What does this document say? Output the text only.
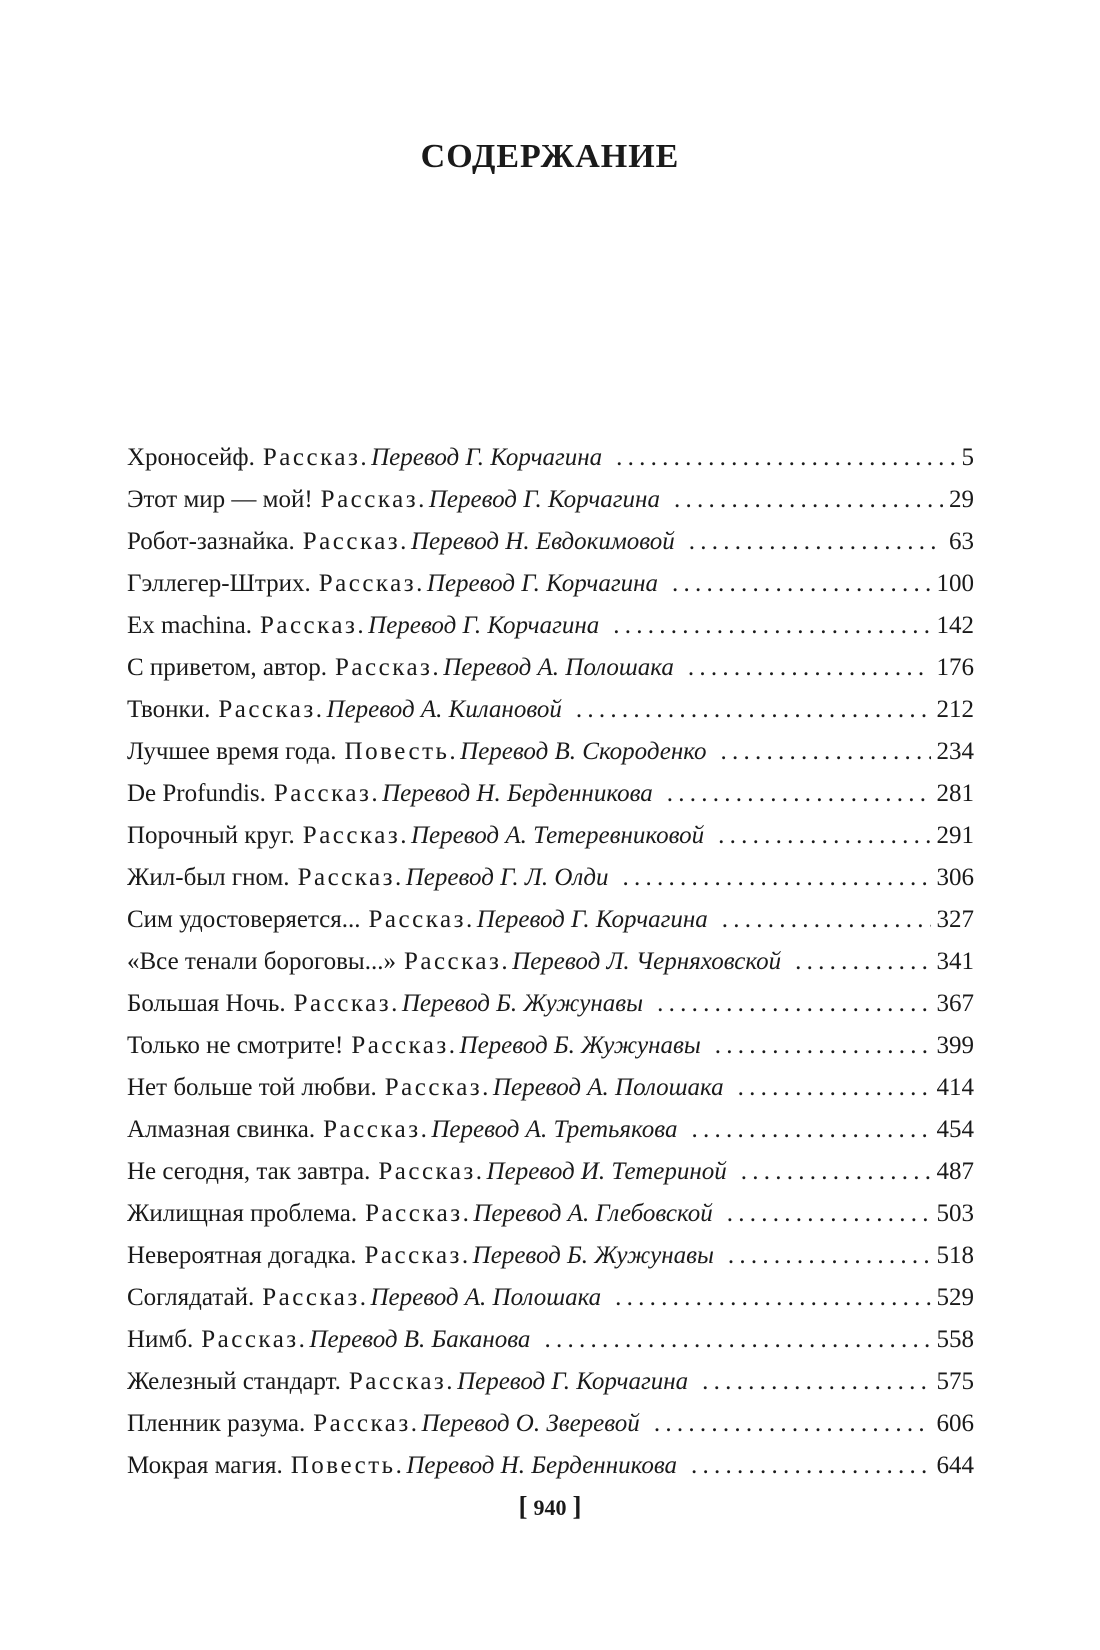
СОДЕРЖАНИЕ
Хроносейф. Рассказ. Перевод Г. Корчагина . . .	5
Этот мир — мой! Рассказ. Перевод Г. Корчагина . . .	29
Робот-зазнайка. Рассказ. Перевод Н. Евдокимовой . . .	63
Гэллегер-Штрих. Рассказ. Перевод Г. Корчагина . . .	100
Ex machina. Рассказ. Перевод Г. Корчагина . . .	142
С приветом, автор. Рассказ. Перевод А. Полошака . . .	176
Твонки. Рассказ. Перевод А. Килановой . . .	212
Лучшее время года. Повесть. Перевод В. Скороденко . . .	234
De Profundis. Рассказ. Перевод Н. Берденникова . . .	281
Порочный круг. Рассказ. Перевод А. Тетеревниковой . . .	291
Жил-был гном. Рассказ. Перевод Г. Л. Олди . . .	306
Сим удостоверяется... Рассказ. Перевод Г. Корчагина . . .	327
«Все тенали бороговы...» Рассказ. Перевод Л. Черняховской . . .	341
Большая Ночь. Рассказ. Перевод Б. Жужунавы . . .	367
Только не смотрите! Рассказ. Перевод Б. Жужунавы . . .	399
Нет больше той любви. Рассказ. Перевод А. Полошака . . .	414
Алмазная свинка. Рассказ. Перевод А. Третьякова . . .	454
Не сегодня, так завтра. Рассказ. Перевод И. Тетериной . . .	487
Жилищная проблема. Рассказ. Перевод А. Глебовской . . .	503
Невероятная догадка. Рассказ. Перевод Б. Жужунавы . . .	518
Соглядатай. Рассказ. Перевод А. Полошака . . .	529
Нимб. Рассказ. Перевод В. Баканова . . .	558
Железный стандарт. Рассказ. Перевод Г. Корчагина . . .	575
Пленник разума. Рассказ. Перевод О. Зверевой . . .	606
Мокрая магия. Повесть. Перевод Н. Берденникова . . .	644
[ 940 ]
